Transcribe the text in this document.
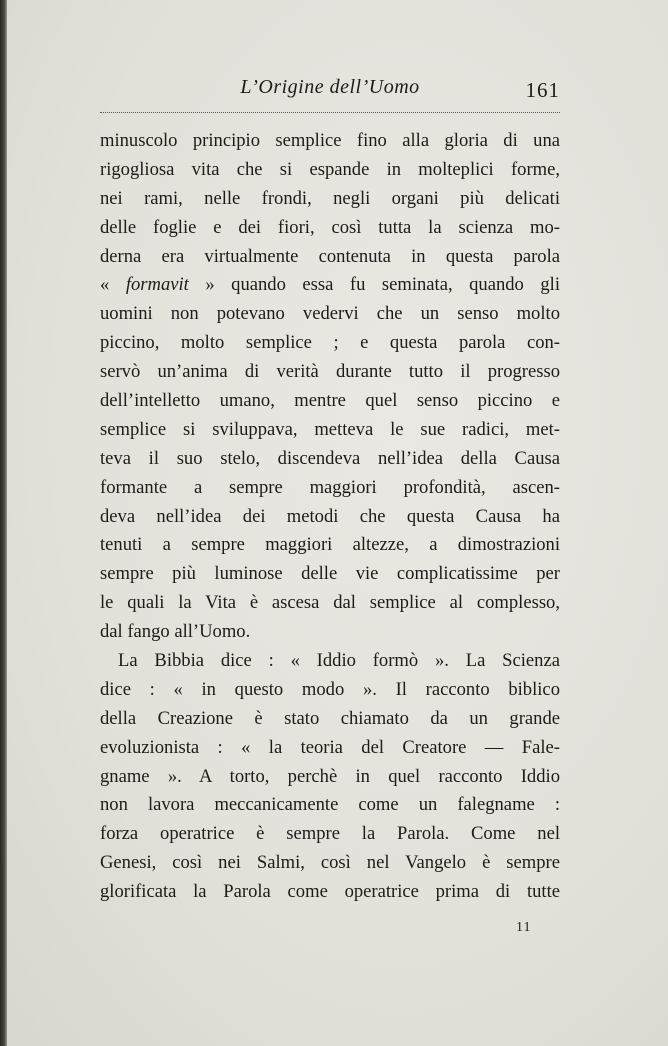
L’Origine dell’Uomo	161
minuscolo principio semplice fino alla gloria di una
rigogliosa vita che si espande in molteplici forme,
nei rami, nelle frondi, negli organi più delicati
delle foglie e dei fiori, così tutta la scienza mo-
derna era virtualmente contenuta in questa parola
« formavit » quando essa fu seminata, quando gli
uomini non potevano vedervi che un senso molto
piccino, molto semplice ; e questa parola con-
servò un’anima di verità durante tutto il progresso
dell’intelletto umano, mentre quel senso piccino e
semplice si sviluppava, metteva le sue radici, met-
teva il suo stelo, discendeva nell’idea della Causa
formante a sempre maggiori profondità, ascen-
deva nell’idea dei metodi che questa Causa ha
tenuti a sempre maggiori altezze, a dimostrazioni
sempre più luminose delle vie complicatissime per
le quali la Vita è ascesa dal semplice al complesso,
dal fango all’Uomo.
La Bibbia dice : « Iddio formò ». La Scienza
dice : « in questo modo ». Il racconto biblico
della Creazione è stato chiamato da un grande
evoluzionista : « la teoria del Creatore — Fale-
gname ». A torto, perchè in quel racconto Iddio
non lavora meccanicamente come un falegname :
forza operatrice è sempre la Parola. Come nel
Genesi, così nei Salmi, così nel Vangelo è sempre
glorificata la Parola come operatrice prima di tutte
11
